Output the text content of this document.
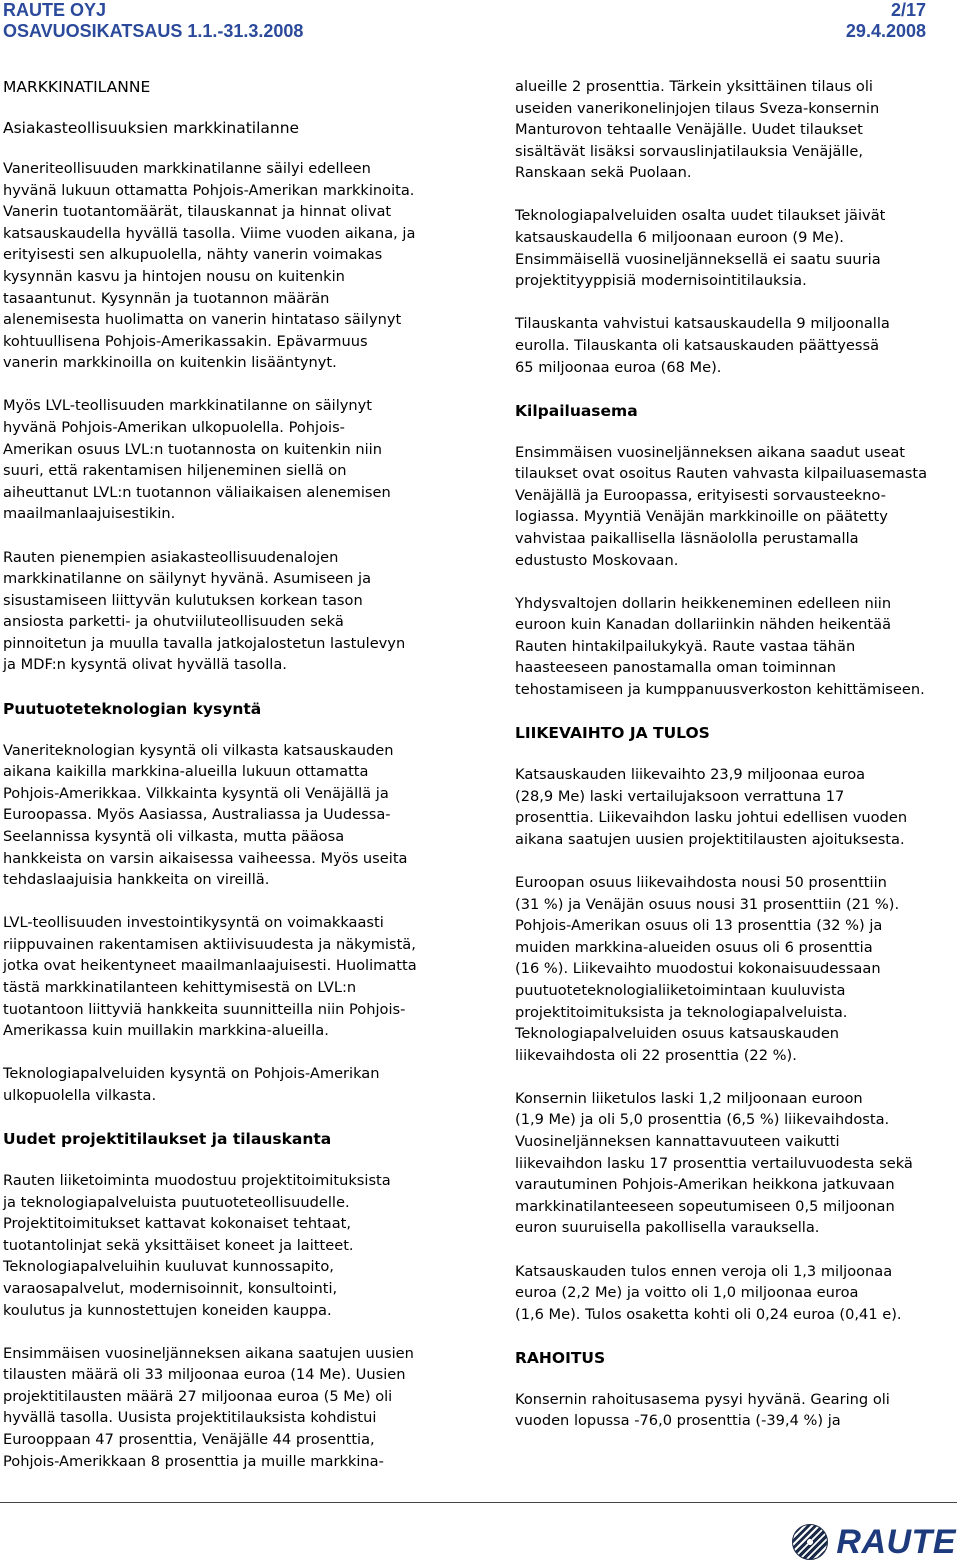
RAUTE OYJ
OSAVUOSIKATSAUS 1.1.-31.3.2008
2/17
29.4.2008
MARKKINATILANNE
Asiakasteollisuuksien markkinatilanne

Vaneriteollisuuden markkinatilanne säilyi edelleen
hyvänä lukuun ottamatta Pohjois-Amerikan markkinoita.
Vanerin tuotantomäärät, tilauskannat ja hinnat olivat
katsauskaudella hyvällä tasolla. Viime vuoden aikana, ja
erityisesti sen alkupuolella, nähty vanerin voimakas
kysynnän kasvu ja hintojen nousu on kuitenkin
tasaantunut. Kysynnän ja tuotannon määrän
alenemisesta huolimatta on vanerin hintataso säilynyt
kohtuullisena Pohjois-Amerikassakin. Epävarmuus
vanerin markkinoilla on kuitenkin lisääntynyt.

Myös LVL-teollisuuden markkinatilanne on säilynyt
hyvänä Pohjois-Amerikan ulkopuolella. Pohjois-
Amerikan osuus LVL:n tuotannosta on kuitenkin niin
suuri, että rakentamisen hiljeneminen siellä on
aiheuttanut LVL:n tuotannon väliaikaisen alenemisen
maailmanlaajuisestikin.

Rauten pienempien asiakasteollisuudenalojen
markkinatilanne on säilynyt hyvänä. Asumiseen ja
sisustamiseen liittyvän kulutuksen korkean tason
ansiosta parketti- ja ohutviiluteollisuuden sekä
pinnoitetun ja muulla tavalla jatkojalostetun lastulevyn
ja MDF:n kysyntä olivat hyvällä tasolla.

Puutuoteteknologian kysyntä

Vaneriteknologian kysyntä oli vilkasta katsauskauden
aikana kaikilla markkina-alueilla lukuun ottamatta
Pohjois-Amerikkaa. Vilkkainta kysyntä oli Venäjällä ja
Euroopassa. Myös Aasiassa, Australiassa ja Uudessa-
Seelannissa kysyntä oli vilkasta, mutta pääosa
hankkeista on varsin aikaisessa vaiheessa. Myös useita
tehdaslaajuisia hankkeita on vireillä.

LVL-teollisuuden investointikysyntä on voimakkaasti
riippuvainen rakentamisen aktiivisuudesta ja näkymistä,
jotka ovat heikentyneet maailmanlaajuisesti. Huolimatta
tästä markkinatilanteen kehittymisestä on LVL:n
tuotantoon liittyviä hankkeita suunnitteilla niin Pohjois-
Amerikassa kuin muillakin markkina-alueilla.

Teknologiapalveluiden kysyntä on Pohjois-Amerikan
ulkopuolella vilkasta.

Uudet projektitilaukset ja tilauskanta

Rauten liiketoiminta muodostuu projektitoimituksista
ja teknologiapalveluista puutuoteteollisuudelle.
Projektitoimitukset kattavat kokonaiset tehtaat,
tuotantolinjat sekä yksittäiset koneet ja laitteet.
Teknologiapalveluihin kuuluvat kunnossapito,
varaosapalvelut, modernisoinnit, konsultointi,
koulutus ja kunnostettujen koneiden kauppa.

Ensimmäisen vuosineljänneksen aikana saatujen uusien
tilausten määrä oli 33 miljoonaa euroa (14 Me). Uusien
projektitilausten määrä 27 miljoonaa euroa (5 Me) oli
hyvällä tasolla. Uusista projektitilauksista kohdistui
Eurooppaan 47 prosenttia, Venäjälle 44 prosenttia,
Pohjois-Amerikkaan 8 prosenttia ja muille markkina-

alueille 2 prosenttia. Tärkein yksittäinen tilaus oli
useiden vanerikonelinjojen tilaus Sveza-konsernin
Manturovon tehtaalle Venäjälle. Uudet tilaukset
sisältävät lisäksi sorvauslinjatilauksia Venäjälle,
Ranskaan sekä Puolaan.

Teknologiapalveluiden osalta uudet tilaukset jäivät
katsauskaudella 6 miljoonaan euroon (9 Me).
Ensimmäisellä vuosineljänneksellä ei saatu suuria
projektityyppisiä modernisointitilauksia.

Tilauskanta vahvistui katsauskaudella 9 miljoonalla
eurolla. Tilauskanta oli katsauskauden päättyessä
65 miljoonaa euroa (68 Me).

Kilpailuasema

Ensimmäisen vuosineljänneksen aikana saadut useat
tilaukset ovat osoitus Rauten vahvasta kilpailuasemasta
Venäjällä ja Euroopassa, erityisesti sorvausteekno-
logiassa. Myyntiä Venäjän markkinoille on päätetty
vahvistaa paikallisella läsnäololla perustamalla
edustusto Moskovaan.

Yhdysvaltojen dollarin heikkeneminen edelleen niin
euroon kuin Kanadan dollariinkin nähden heikentää
Rauten hintakilpailukykyä. Raute vastaa tähän
haasteeseen panostamalla oman toiminnan
tehostamiseen ja kumppanuusverkoston kehittämiseen.

LIIKEVAIHTO JA TULOS

Katsauskauden liikevaihto 23,9 miljoonaa euroa
(28,9 Me) laski vertailujaksoon verrattuna 17
prosenttia. Liikevaihdon lasku johtui edellisen vuoden
aikana saatujen uusien projektitilausten ajoituksesta.

Euroopan osuus liikevaihdosta nousi 50 prosenttiin
(31 %) ja Venäjän osuus nousi 31 prosenttiin (21 %).
Pohjois-Amerikan osuus oli 13 prosenttia (32 %) ja
muiden markkina-alueiden osuus oli 6 prosenttia
(16 %). Liikevaihto muodostui kokonaisuudessaan
puutuoteteknologialiiketoimintaan kuuluvista
projektitoimituksista ja teknologiapalveluista.
Teknologiapalveluiden osuus katsauskauden
liikevaihdosta oli 22 prosenttia (22 %).

Konsernin liiketulos laski 1,2 miljoonaan euroon
(1,9 Me) ja oli 5,0 prosenttia (6,5 %) liikevaihdosta.
Vuosineljänneksen kannattavuuteen vaikutti
liikevaihdon lasku 17 prosenttia vertailuvuodesta sekä
varautuminen Pohjois-Amerikan heikkona jatkuvaan
markkinatilanteeseen sopeutumiseen 0,5 miljoonan
euron suuruisella pakollisella varauksella.

Katsauskauden tulos ennen veroja oli 1,3 miljoonaa
euroa (2,2 Me) ja voitto oli 1,0 miljoonaa euroa
(1,6 Me). Tulos osaketta kohti oli 0,24 euroa (0,41 e).

RAHOITUS

Konsernin rahoitusasema pysyi hyvänä. Gearing oli
vuoden lopussa -76,0 prosenttia (-39,4 %) ja

RAUTE
